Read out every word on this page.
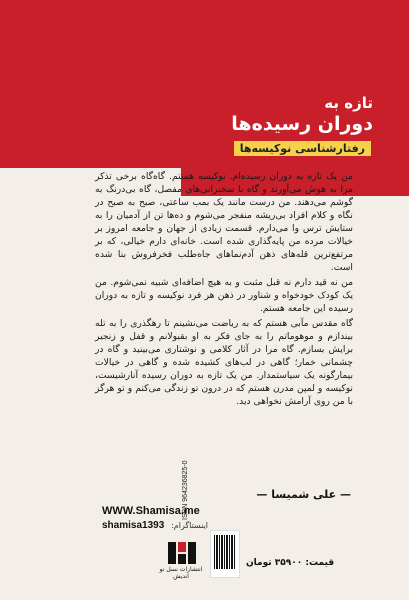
تازه به
دوران رسیده‌ها
رفتارشناسی نوکیسه‌ها

من یک تازه به دوران رسیده‌ام. نوکیسه هستم. گاه‌گاه برخی تذکر مرا به هوش می‌آورند و گاه با سخنرانی‌های مفصل، گاه بی‌درنگ به گوشم می‌دهند. من درست مانند یک بمب ساعتی، صبح به صبح در نگاه و کلام افراد بی‌ریشه منفجر می‌شوم و ده‌ها تن از آدمیان را به ستایش ترس وا می‌دارم. قسمت زیادی از جهان و جامعه امروز بر خیالات مرده من پایه‌گذاری شده است. خانه‌ای دارم خیالی، که بر مرتفع‌ترین قله‌های ذهن آدم‌نماهای جاه‌طلب فخرفروش بنا شده است.

من نه قید دارم نه قبل مثبت و به هیچ اضافه‌ای شبیه نمی‌شوم. من یک کودک خودخواه و شناور در ذهن هر فرد نوکیسه و تازه به دوران رسیده این جامعه هستم.

گاه مقدس مآبی هستم که به ریاضت می‌نشینم تا رهگذری را به تله بیندازم و موهوماتم را به جای فکر به او بقبولانم و قفل و زنجیر برایش بسازم. گاه مرا در آثار کلامی و نوشتاری می‌بینید و گاه در چشمانی خمار؛ گاهی در لب‌های کشیده شده و گاهی در خیالات بیمارگونه یک سیاستمدار. من یک تازه به دوران رسیده آنارشیست، نوکیسه و لمپن مدرن هستم که در درون تو زندگی می‌کنم و تو هرگز با من روی آرامش نخواهی دید.

— علی شمیسا —
WWW.Shamisa.me
shamisa1393 :اینستاگرام
ISBN 964236825-0
انتشارات نسل نو اندیش
قیمت: ۳۵۹۰۰ تومان
